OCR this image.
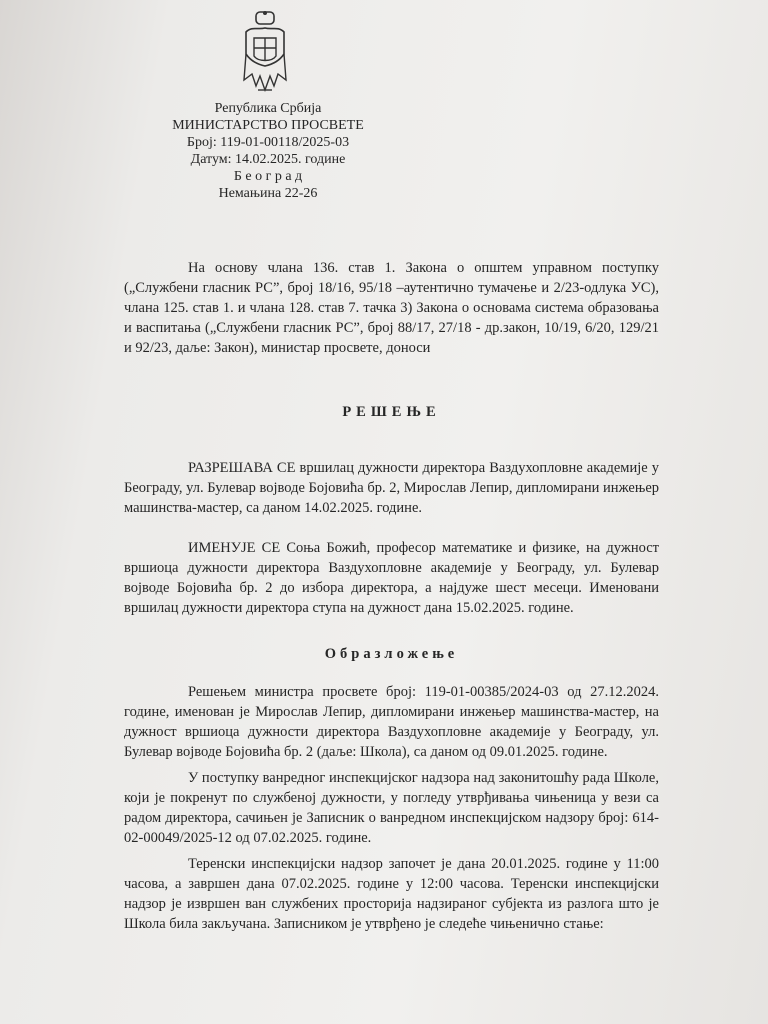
Република Србија
МИНИСТАРСТВО ПРОСВЕТЕ
Број: 119-01-00118/2025-03
Датум: 14.02.2025. године
Б е о г р а д
Немањина 22-26

На основу члана 136. став 1. Закона о општем управном поступку („Службени гласник РС”, број 18/16, 95/18 –аутентично тумачење и 2/23-одлука УС), члана 125. став 1. и члана 128. став 7. тачка 3) Закона о основама система образовања и васпитања („Службени гласник РС”, број 88/17, 27/18 - др.закон, 10/19, 6/20, 129/21 и 92/23, даље: Закон), министар просвете, доноси

РЕШЕЊЕ

РАЗРЕШАВА СЕ вршилац дужности директора Ваздухопловне академије у Београду, ул. Булевар војводе Бојовића бр. 2, Мирослав Лепир, дипломирани инжењер машинства-мастер, са даном 14.02.2025. године.

ИМЕНУЈЕ СЕ Соња Божић, професор математике и физике, на дужност вршиоца дужности директора Ваздухопловне академије у Београду, ул. Булевар војводе Бојовића бр. 2 до избора директора, а најдуже шест месеци. Именовани вршилац дужности директора ступа на дужност дана 15.02.2025. године.

Образложење

Решењем министра просвете број: 119-01-00385/2024-03 од 27.12.2024. године, именован је Мирослав Лепир, дипломирани инжењер машинства-мастер, на дужност вршиоца дужности директора Ваздухопловне академије у Београду, ул. Булевар војводе Бојовића бр. 2 (даље: Школа), са даном од 09.01.2025. године.

У поступку ванредног инспекцијског надзора над законитошћу рада Школе, који је покренут по службеној дужности, у погледу утврђивања чињеница у вези са радом директора, сачињен је Записник о ванредном инспекцијском надзору број: 614-02-00049/2025-12 од 07.02.2025. године.

Теренски инспекцијски надзор започет је дана 20.01.2025. године у 11:00 часова, а завршен дана 07.02.2025. године у 12:00 часова. Теренски инспекцијски надзор је извршен ван службених просторија надзираног субјекта из разлога што је Школа била закључана. Записником је утврђено је следеће чињенично стање:
